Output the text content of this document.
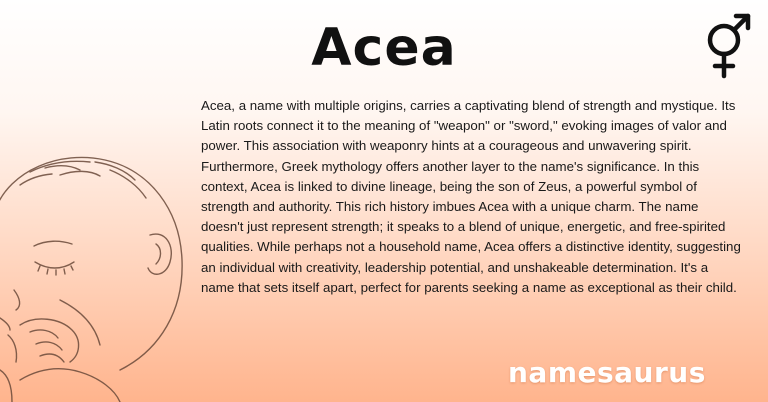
Acea

Acea, a name with multiple origins, carries a captivating blend of strength and mystique. Its Latin roots connect it to the meaning of "weapon" or "sword," evoking images of valor and power. This association with weaponry hints at a courageous and unwavering spirit. Furthermore, Greek mythology offers another layer to the name's significance. In this context, Acea is linked to divine lineage, being the son of Zeus, a powerful symbol of strength and authority. This rich history imbues Acea with a unique charm. The name doesn't just represent strength; it speaks to a blend of unique, energetic, and free-spirited qualities. While perhaps not a household name, Acea offers a distinctive identity, suggesting an individual with creativity, leadership potential, and unshakeable determination. It's a name that sets itself apart, perfect for parents seeking a name as exceptional as their child.

namesaurus
